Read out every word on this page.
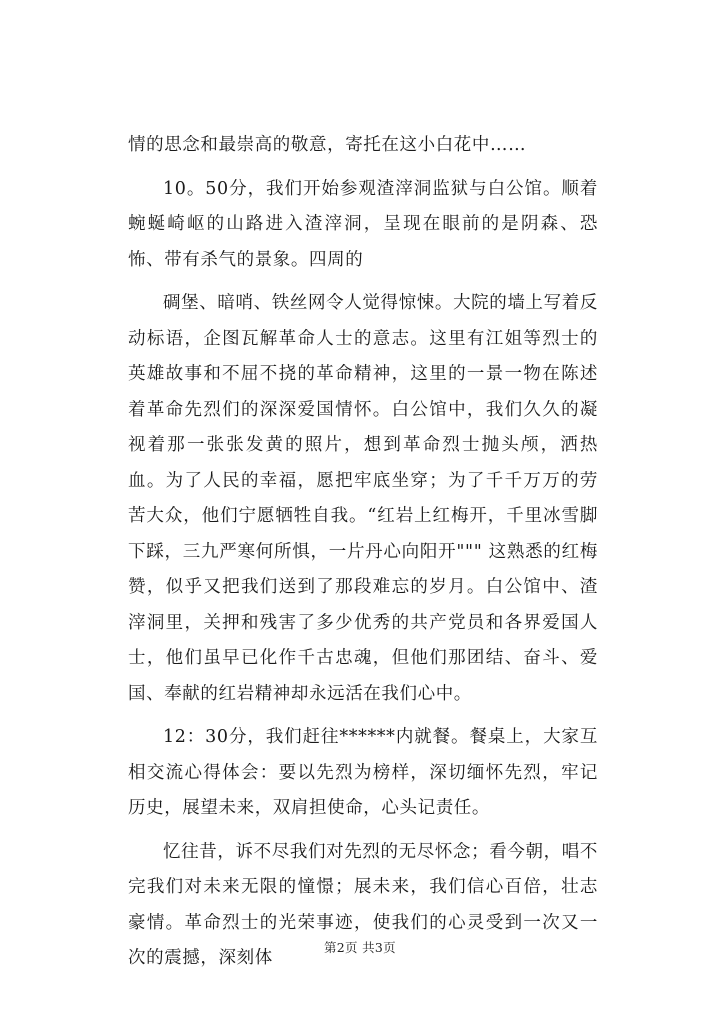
情的思念和最崇高的敬意，寄托在这小白花中……

10。50分，我们开始参观渣滓洞监狱与白公馆。顺着蜿蜒崎岖的山路进入渣滓洞，呈现在眼前的是阴森、恐怖、带有杀气的景象。四周的

碉堡、暗哨、铁丝网令人觉得惊悚。大院的墙上写着反动标语，企图瓦解革命人士的意志。这里有江姐等烈士的英雄故事和不屈不挠的革命精神，这里的一景一物在陈述着革命先烈们的深深爱国情怀。白公馆中，我们久久的凝视着那一张张发黄的照片，想到革命烈士抛头颅，洒热血。为了人民的幸福，愿把牢底坐穿；为了千千万万的劳苦大众，他们宁愿牺牲自我。“红岩上红梅开，千里冰雪脚下踩，三九严寒何所惧，一片丹心向阳开""" 这熟悉的红梅赞，似乎又把我们送到了那段难忘的岁月。白公馆中、渣滓洞里，关押和残害了多少优秀的共产党员和各界爱国人士，他们虽早已化作千古忠魂，但他们那团结、奋斗、爱国、奉献的红岩精神却永远活在我们心中。

12：30分，我们赶往******内就餐。餐桌上，大家互相交流心得体会：要以先烈为榜样，深切缅怀先烈，牢记历史，展望未来，双肩担使命，心头记责任。

忆往昔，诉不尽我们对先烈的无尽怀念；看今朝，唱不完我们对未来无限的憧憬；展未来，我们信心百倍，壮志豪情。革命烈士的光荣事迹，使我们的心灵受到一次又一次的震撼，深刻体

第2页 共3页
